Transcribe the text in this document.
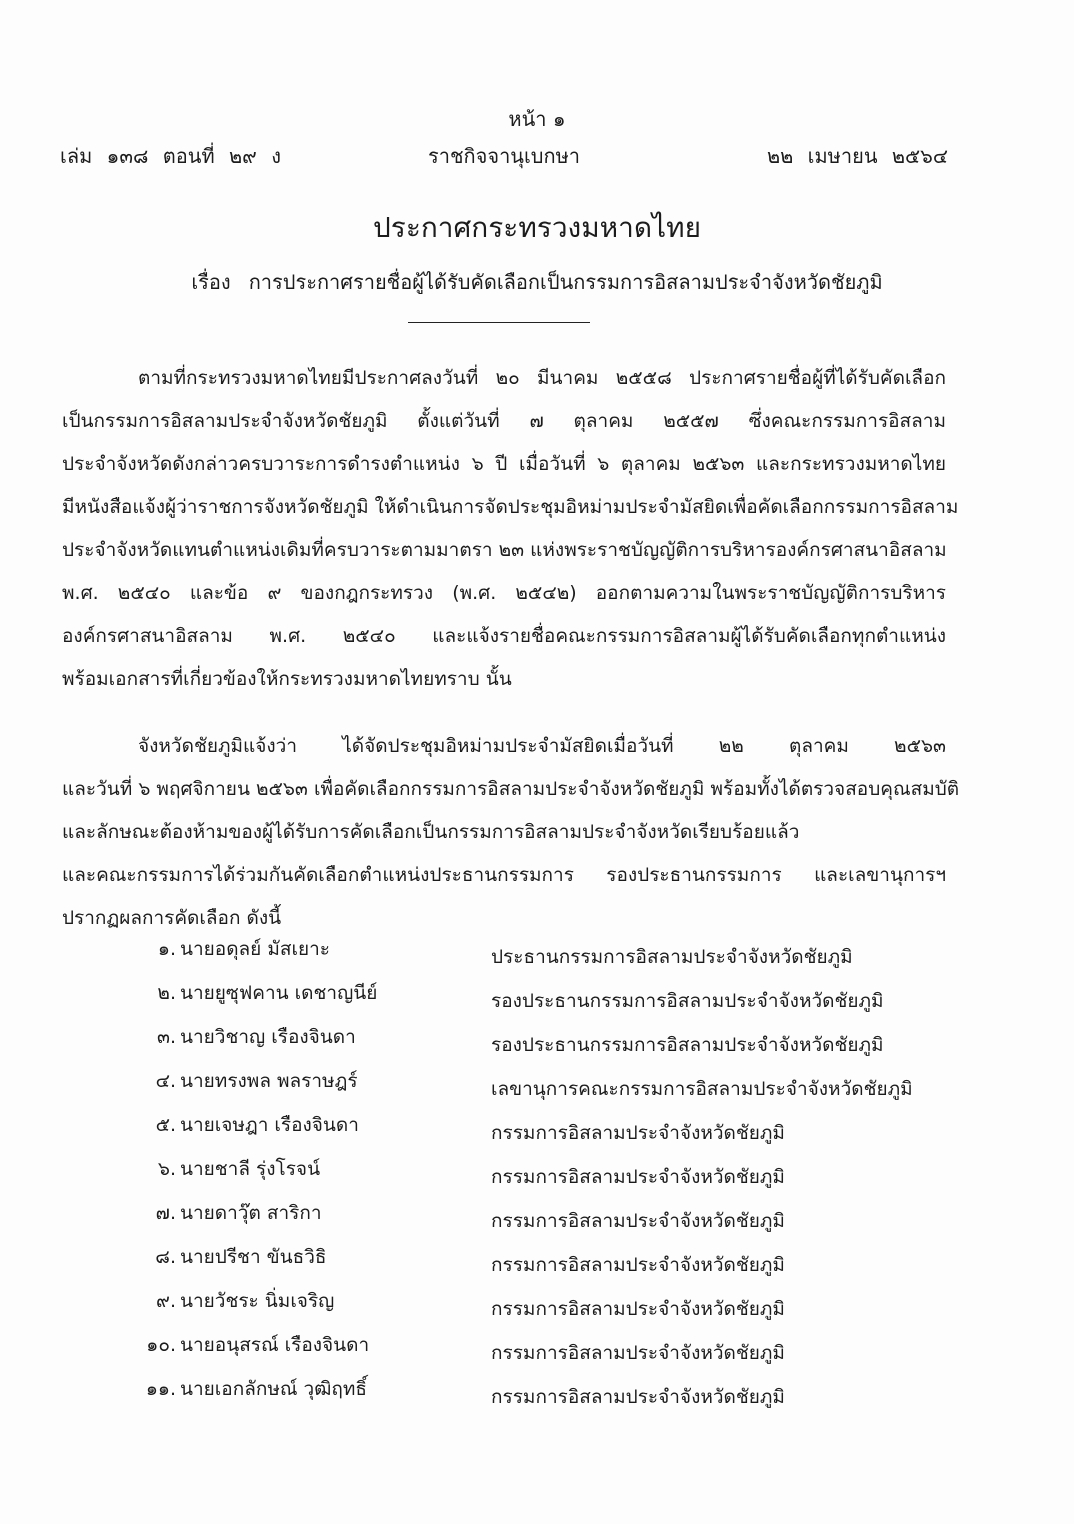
หน้า ๑
เล่ม ๑๓๘ ตอนที่ ๒๙ ง	ราชกิจจานุเบกษา	๒๒ เมษายน ๒๕๖๔
ประกาศกระทรวงมหาดไทย
เรื่อง การประกาศรายชื่อผู้ได้รับคัดเลือกเป็นกรรมการอิสลามประจำจังหวัดชัยภูมิ
ตามที่กระทรวงมหาดไทยมีประกาศลงวันที่ ๒๐ มีนาคม ๒๕๕๘ ประกาศรายชื่อผู้ที่ได้รับคัดเลือก
เป็นกรรมการอิสลามประจำจังหวัดชัยภูมิ ตั้งแต่วันที่ ๗ ตุลาคม ๒๕๕๗ ซึ่งคณะกรรมการอิสลาม
ประจำจังหวัดดังกล่าวครบวาระการดำรงตำแหน่ง ๖ ปี เมื่อวันที่ ๖ ตุลาคม ๒๕๖๓ และกระทรวงมหาดไทย
มีหนังสือแจ้งผู้ว่าราชการจังหวัดชัยภูมิ ให้ดำเนินการจัดประชุมอิหม่ามประจำมัสยิดเพื่อคัดเลือกกรรมการอิสลาม
ประจำจังหวัดแทนตำแหน่งเดิมที่ครบวาระตามมาตรา ๒๓ แห่งพระราชบัญญัติการบริหารองค์กรศาสนาอิสลาม
พ.ศ. ๒๕๔๐ และข้อ ๙ ของกฎกระทรวง (พ.ศ. ๒๕๔๒) ออกตามความในพระราชบัญญัติการบริหาร
องค์กรศาสนาอิสลาม พ.ศ. ๒๕๔๐ และแจ้งรายชื่อคณะกรรมการอิสลามผู้ได้รับคัดเลือกทุกตำแหน่ง
พร้อมเอกสารที่เกี่ยวข้องให้กระทรวงมหาดไทยทราบ นั้น
จังหวัดชัยภูมิแจ้งว่า ได้จัดประชุมอิหม่ามประจำมัสยิดเมื่อวันที่ ๒๒ ตุลาคม ๒๕๖๓
และวันที่ ๖ พฤศจิกายน ๒๕๖๓ เพื่อคัดเลือกกรรมการอิสลามประจำจังหวัดชัยภูมิ พร้อมทั้งได้ตรวจสอบคุณสมบัติ
และลักษณะต้องห้ามของผู้ได้รับการคัดเลือกเป็นกรรมการอิสลามประจำจังหวัดเรียบร้อยแล้ว
และคณะกรรมการได้ร่วมกันคัดเลือกตำแหน่งประธานกรรมการ รองประธานกรรมการ และเลขานุการฯ
ปรากฏผลการคัดเลือก ดังนี้
๑. นายอดุลย์ มัสเยาะ	ประธานกรรมการอิสลามประจำจังหวัดชัยภูมิ
๒. นายยูซุฟคาน เดชาญนีย์	รองประธานกรรมการอิสลามประจำจังหวัดชัยภูมิ
๓. นายวิชาญ เรืองจินดา	รองประธานกรรมการอิสลามประจำจังหวัดชัยภูมิ
๔. นายทรงพล พลราษฎร์	เลขานุการคณะกรรมการอิสลามประจำจังหวัดชัยภูมิ
๕. นายเจษฎา เรืองจินดา	กรรมการอิสลามประจำจังหวัดชัยภูมิ
๖. นายชาลี รุ่งโรจน์	กรรมการอิสลามประจำจังหวัดชัยภูมิ
๗. นายดาวุ๊ต สาริกา	กรรมการอิสลามประจำจังหวัดชัยภูมิ
๘. นายปรีชา ขันธวิธิ	กรรมการอิสลามประจำจังหวัดชัยภูมิ
๙. นายวัชระ นิ่มเจริญ	กรรมการอิสลามประจำจังหวัดชัยภูมิ
๑๐. นายอนุสรณ์ เรืองจินดา	กรรมการอิสลามประจำจังหวัดชัยภูมิ
๑๑. นายเอกลักษณ์ วุฒิฤทธิ์	กรรมการอิสลามประจำจังหวัดชัยภูมิ
